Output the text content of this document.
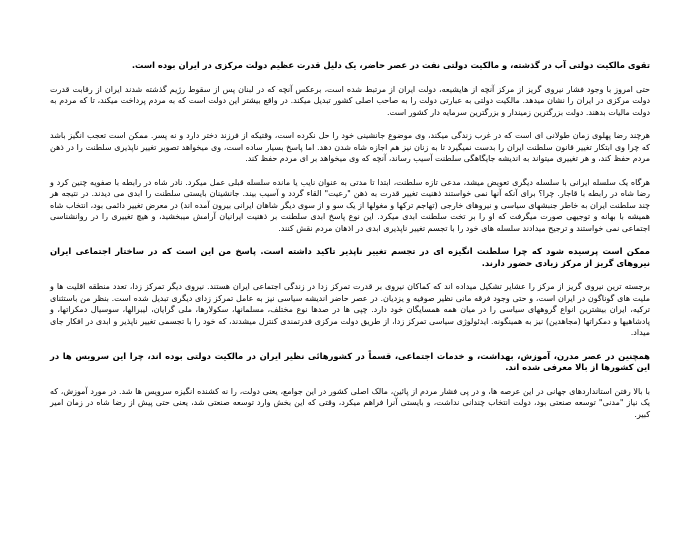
تقوی مالکیت دولتی آب در گذشته، و مالکیت دولتی نفت در عصر حاضر، یک دلیل قدرت عظیم دولت مرکزی در ایران بوده است.

حتی امروز با وجود فشار نیروی گریز از مرکز آنچه از هایشیعه، دولت ایران از مرتبط شده است، برعکس آنچه که در لبنان پس از سقوط رژیم گذشته شدند ایران از رقابت قدرت دولت مرکزی در ایران را نشان میدهد. مالکیت دولتی به عبارتی دولت را به صاحب اصلی کشور تبدیل میکند. در واقع بیشتر این دولت است که به مردم پرداخت میکند، تا که مردم به دولت مالیات بدهند. دولت بزرگترین زمیندار و بزرگترین سرمایه دار کشور است.

هرچند رضا پهلوی زمان طولانی ای است که در غرب زندگی میکند، وی موضوع جانشینی خود را حل نکرده است، وقتیکه از فرزند دختر دارد و نه پسر. ممکن است تعجب انگیز باشد که چرا وی ابتکار تغییر قانون سلطنت ایران را بدست نمیگیرد تا به زنان نیز هم اجازه شاه شدن دهد. اما پاسخ بسیار ساده است، وی میخواهد تصویر تغییر ناپذیری سلطنت را در ذهن مردم حفظ کند، و هر تغییری میتواند به اندیشه جایگاهگی سلطنت آسیب رساند، آنچه که وی میخواهد بر ای مردم حفظ کند.

هرگاه یک سلسله ایرانی با سلسله دیگری تعویض میشد، مدعی تازه سلطنت، ابتدا تا مدتی به عنوان نایب یا مانده سلسله قبلی عمل میکرد. نادر شاه در رابطه با صفویه چنین کرد و رضا شاه در رابطه با قاجار. چرا؟ برای آنکه آنها نمی خواستند ذهنیت تغییر قدرت به ذهن "رعیت" القاء گردد و آسیب بیند. جانشینان بایستی سلطنت را ابدی می دیدند. در نتیجه هر چند سلطنت ایران به خاطر جنبشهای سیاسی و نیروهای خارجی (تهاجم ترکها و مغولها از یک سو و از سوی دیگر شاهان ایرانی بیرون آمده اند) در معرض تغییر دائمی بود، انتخاب شاه همیشه با بهانه و توجیهی صورت میگرفت که او را بر تخت سلطنت ابدی میکرد. این نوع پاسخ ابدی سلطنت بر ذهنیت ایرانیان آرامش میبخشید، و هیچ تغییری را در روانشناسی اجتماعی نمی خواستند و ترجیح میدادند سلسله های خود را با تجسم تغییر ناپذیری ابدی در اذهان مردم نقش کنند.

ممکن است پرسیده شود که چرا سلطنت انگیزه ای در تجسم تغییر ناپذیر تاکید داشته است. پاسخ من این است که در ساختار اجتماعی ایران نیروهای گریز از مرکز زیادی حضور دارند.

برجسته ترین نیروی گریز از مرکز را عشایر تشکیل میداده اند که کماکان نیروی بر قدرت تمرکز زدا در زندگی اجتماعی ایران هستند. نیروی دیگر تمرکز زدا، تعدد منطقه اقلیت ها و ملیت های گوناگون در ایران است، و حتی وجود فرقه مانی نظیر صوفیه و یزدیان. در عصر حاضر اندیشه سیاسی نیز به عامل تمرکز زدای دیگری تبدیل شده است. بنظر من باستثنای ترکیه، ایران بیشترین انواع گروههای سیاسی را در میان همه همسایگان خود دارد. چپی ها در صدها نوع مختلف، مسلمانها، سکولارها، ملی گرایان، لیبرالها، سوسیال دمکراتها، و پادشاهیها و دمکراتها (مجاهدین) نیز به همینگونه. ایدئولوژی سیاسی تمرکز زدا، از طریق دولت مرکزی قدرتمندی کنترل میشدند، که خود را با تجسمی تغییر ناپذیر و ابدی در افکار جای میداد.

همچنین در عصر مدرن، آموزش، بهداشت، و خدمات اجتماعی، قسماً در کشورهائی نظیر ایران در مالکیت دولتی بوده اند، چرا این سرویس ها در این کشورها از بالا معرفی شده اند.

با بالا رفتن استانداردهای جهانی در این عرصه ها، و در پی فشار مردم از پائین، مالک اصلی کشور در این جوامع، یعنی دولت، را نه کشنده انگیزه سرویس ها شد. در مورد آموزش، که یک نیاز "مدنی" توسعه صنعتی بود، دولت انتخاب چندانی نداشت، و بایستی آنرا فراهم میکرد، وقتی که این بخش وارد توسعه صنعتی شد، یعنی حتی پیش از رضا شاه در زمان امیر کبیر.
